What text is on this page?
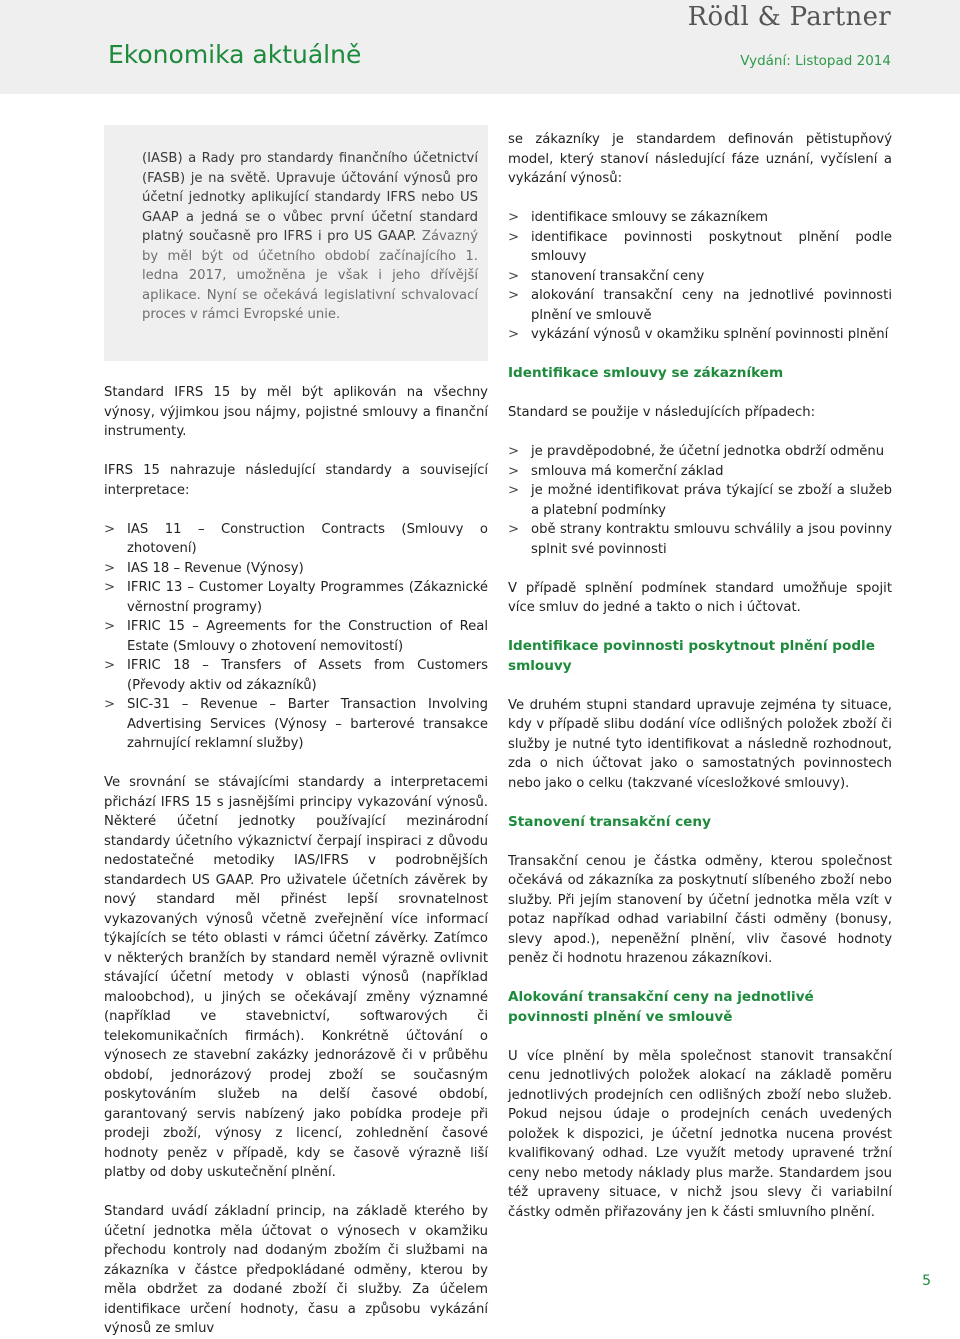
Rödl & Partner
Ekonomika aktuálně	Vydání: Listopad 2014

(IASB) a Rady pro standardy finančního účetnictví (FASB) je na světě. Upravuje účtování výnosů pro účetní jednotky aplikující standardy IFRS nebo US GAAP a jedná se o vůbec první účetní standard platný současně pro IFRS i pro US GAAP. Závazný by měl být od účetního období začínajícího 1. ledna 2017, umožněna je však i jeho dřívější aplikace. Nyní se očekává legislativní schvalovací proces v rámci Evropské unie.

Standard IFRS 15 by měl být aplikován na všechny výnosy, výjimkou jsou nájmy, pojistné smlouvy a finanční instrumenty.

IFRS 15 nahrazuje následující standardy a související interpretace:

> IAS 11 – Construction Contracts (Smlouvy o zhotovení)
> IAS 18 – Revenue (Výnosy)
> IFRIC 13 – Customer Loyalty Programmes (Zákaznické věrnostní programy)
> IFRIC 15 – Agreements for the Construction of Real Estate (Smlouvy o zhotovení nemovitostí)
> IFRIC 18 – Transfers of Assets from Customers (Převody aktiv od zákazníků)
> SIC-31 – Revenue – Barter Transaction Involving Advertising Services (Výnosy – barterové transakce zahrnující reklamní služby)

Ve srovnání se stávajícími standardy a interpretacemi přichází IFRS 15 s jasnějšími principy vykazování výnosů. Některé účetní jednotky používající mezinárodní standardy účetního výkaznictví čerpají inspiraci z důvodu nedostatečné metodiky IAS/IFRS v podrobnějších standardech US GAAP. Pro uživatele účetních závěrek by nový standard měl přinést lepší srovnatelnost vykazovaných výnosů včetně zveřejnění více informací týkajících se této oblasti v rámci účetní závěrky. Zatímco v některých branžích by standard neměl výrazně ovlivnit stávající účetní metody v oblasti výnosů (například maloobchod), u jiných se očekávají změny významné (například ve stavebnictví, softwarových či telekomunikačních firmách). Konkrétně účtování o výnosech ze stavební zakázky jednorázově či v průběhu období, jednorázový prodej zboží se současným poskytováním služeb na delší časové období, garantovaný servis nabízený jako pobídka prodeje při prodeji zboží, výnosy z licencí, zohlednění časové hodnoty peněz v případě, kdy se časově výrazně liší platby od doby uskutečnění plnění.

Standard uvádí základní princip, na základě kterého by účetní jednotka měla účtovat o výnosech v okamžiku přechodu kontroly nad dodaným zbožím či službami na zákazníka v částce předpokládané odměny, kterou by měla obdržet za dodané zboží či služby. Za účelem identifikace určení hodnoty, času a způsobu vykázání výnosů ze smluv

se zákazníky je standardem definován pětistupňový model, který stanoví následující fáze uznání, vyčíslení a vykázání výnosů:

> identifikace smlouvy se zákazníkem
> identifikace povinnosti poskytnout plnění podle smlouvy
> stanovení transakční ceny
> alokování transakční ceny na jednotlivé povinnosti plnění ve smlouvě
> vykázání výnosů v okamžiku splnění povinnosti plnění
Identifikace smlouvy se zákazníkem

Standard se použije v následujících případech:

> je pravděpodobné, že účetní jednotka obdrží odměnu
> smlouva má komerční základ
> je možné identifikovat práva týkající se zboží a služeb a platební podmínky
> obě strany kontraktu smlouvu schválily a jsou povinny splnit své povinnosti

V případě splnění podmínek standard umožňuje spojit více smluv do jedné a takto o nich i účtovat.

Identifikace povinnosti poskytnout plnění podle smlouvy

Ve druhém stupni standard upravuje zejména ty situace, kdy v případě slibu dodání více odlišných položek zboží či služby je nutné tyto identifikovat a následně rozhodnout, zda o nich účtovat jako o samostatných povinnostech nebo jako o celku (takzvané vícesložkové smlouvy).

Stanovení transakční ceny

Transakční cenou je částka odměny, kterou společnost očekává od zákazníka za poskytnutí slíbeného zboží nebo služby. Při jejím stanovení by účetní jednotka měla vzít v potaz napříkad odhad variabilní části odměny (bonusy, slevy apod.), nepeněžní plnění, vliv časové hodnoty peněz či hodnotu hrazenou zákazníkovi.

Alokování transakční ceny na jednotlivé povinnosti plnění ve smlouvě

U více plnění by měla společnost stanovit transakční cenu jednotlivých položek alokací na základě poměru jednotlivých prodejních cen odlišných zboží nebo služeb. Pokud nejsou údaje o prodejních cenách uvedených položek k dispozici, je účetní jednotka nucena provést kvalifikovaný odhad. Lze využít metody upravené tržní ceny nebo metody náklady plus marže. Standardem jsou též upraveny situace, v nichž jsou slevy či variabilní částky odměn přiřazovány jen k části smluvního plnění.

5
